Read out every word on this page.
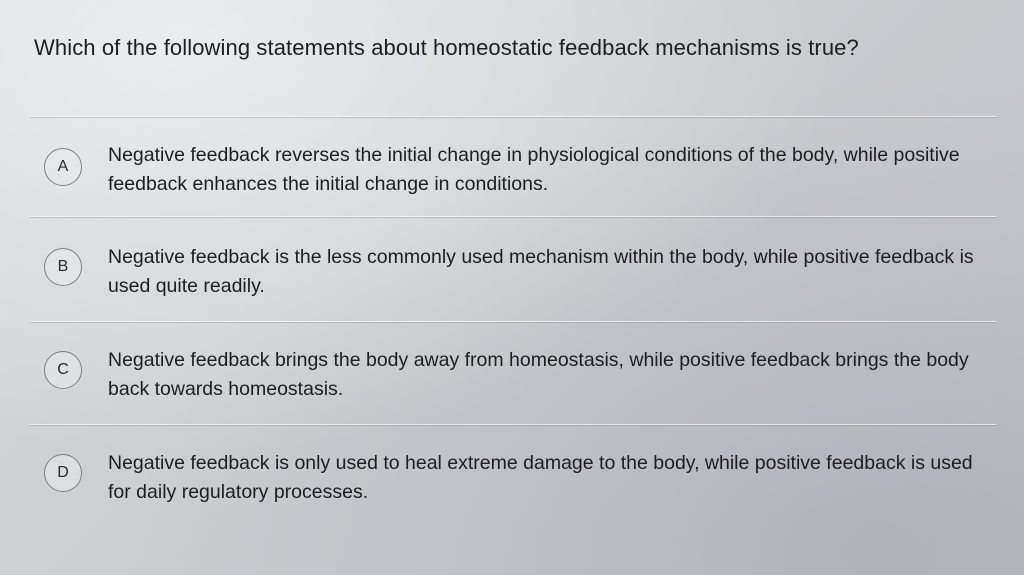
Which of the following statements about homeostatic feedback mechanisms is true?
A
Negative feedback reverses the initial change in physiological conditions of the body, while positive feedback enhances the initial change in conditions.
B	Negative feedback is the less commonly used mechanism within the body, while positive feedback is used quite readily.
C	Negative feedback brings the body away from homeostasis, while positive feedback brings the body back towards homeostasis.
D	Negative feedback is only used to heal extreme damage to the body, while positive feedback is used for daily regulatory processes.
